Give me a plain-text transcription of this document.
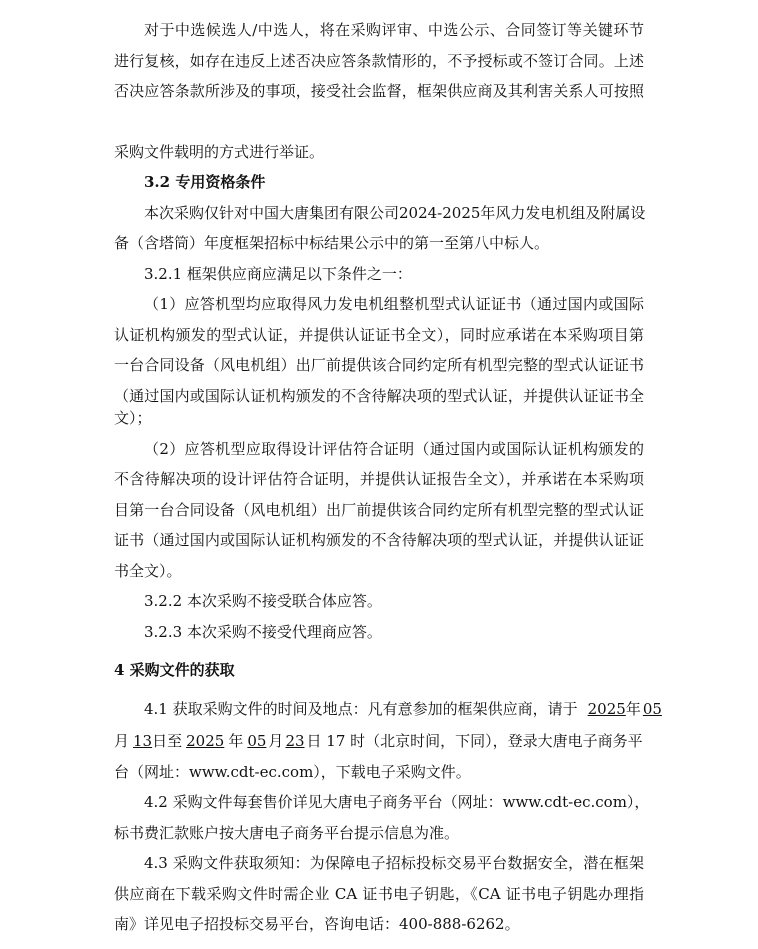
对于中选候选人/中选人，将在采购评审、中选公示、合同签订等关键环节
进行复核，如存在违反上述否决应答条款情形的，不予授标或不签订合同。上述
否决应答条款所涉及的事项，接受社会监督，框架供应商及其利害关系人可按照
采购文件载明的方式进行举证。
3.2 专用资格条件
本次采购仅针对中国大唐集团有限公司2024-2025年风力发电机组及附属设
备（含塔筒）年度框架招标中标结果公示中的第一至第八中标人。
3.2.1 框架供应商应满足以下条件之一：
（1）应答机型均应取得风力发电机组整机型式认证证书（通过国内或国际
认证机构颁发的型式认证，并提供认证证书全文），同时应承诺在本采购项目第
一台合同设备（风电机组）出厂前提供该合同约定所有机型完整的型式认证证书
（通过国内或国际认证机构颁发的不含待解决项的型式认证，并提供认证证书全
文）；
（2）应答机型应取得设计评估符合证明（通过国内或国际认证机构颁发的
不含待解决项的设计评估符合证明，并提供认证报告全文），并承诺在本采购项
目第一台合同设备（风电机组）出厂前提供该合同约定所有机型完整的型式认证
证书（通过国内或国际认证机构颁发的不含待解决项的型式认证，并提供认证证
书全文）。
3.2.2 本次采购不接受联合体应答。
3.2.3 本次采购不接受代理商应答。
4 采购文件的获取
4.1 获取采购文件的时间及地点：凡有意参加的框架供应商，请于 2025 年 05
月 13 日至 2025 年 05 月 23 日 17 时（北京时间，下同），登录大唐电子商务平
台（网址：www.cdt-ec.com），下载电子采购文件。
4.2 采购文件每套售价详见大唐电子商务平台（网址：www.cdt-ec.com），
标书费汇款账户按大唐电子商务平台提示信息为准。
4.3 采购文件获取须知：为保障电子招标投标交易平台数据安全，潜在框架
供应商在下载采购文件时需企业 CA 证书电子钥匙，《CA 证书电子钥匙办理指
南》详见电子招投标交易平台，咨询电话：400-888-6262。
